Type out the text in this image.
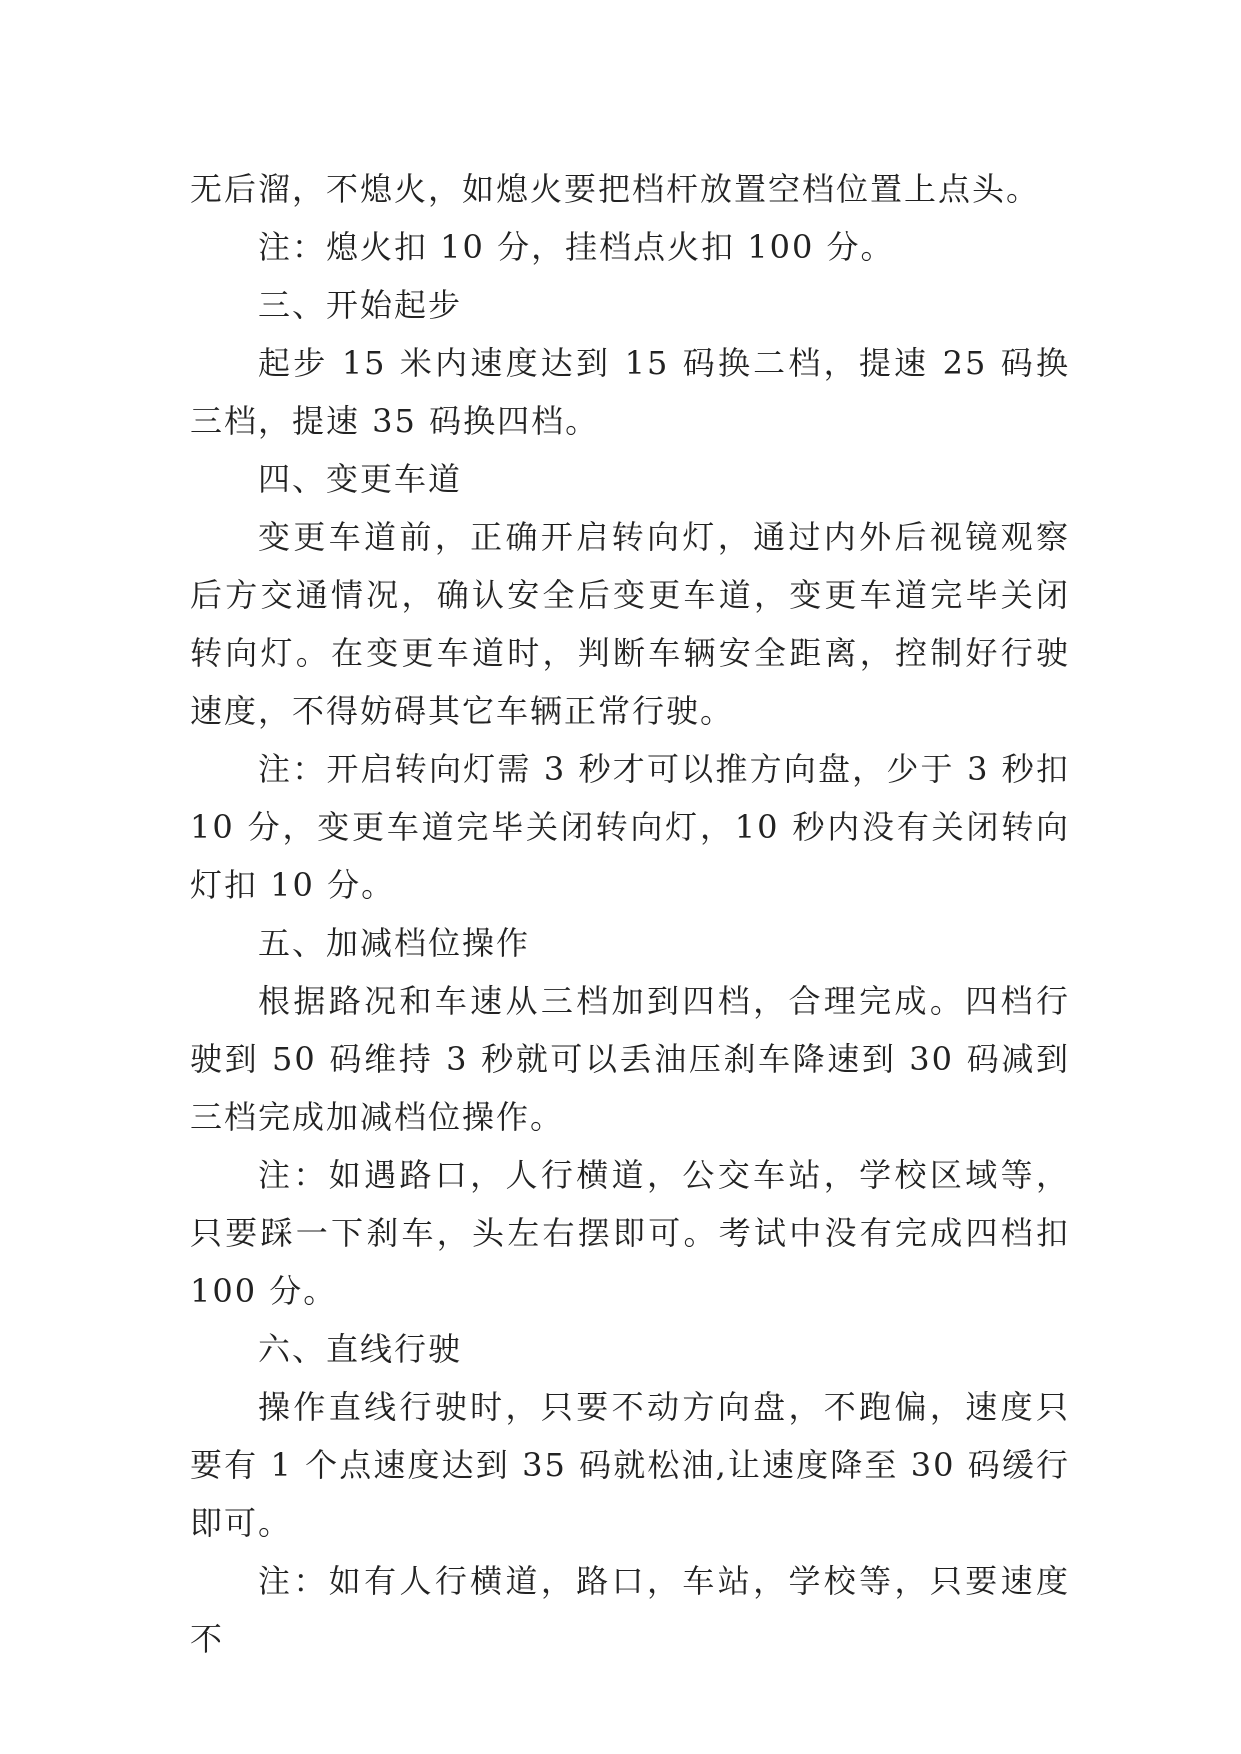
无后溜，不熄火，如熄火要把档杆放置空档位置上点头。

注：熄火扣 10 分，挂档点火扣 100 分。

三、开始起步

起步 15 米内速度达到 15 码换二档，提速 25 码换三档，提速 35 码换四档。

四、变更车道

变更车道前，正确开启转向灯，通过内外后视镜观察后方交通情况，确认安全后变更车道，变更车道完毕关闭转向灯。在变更车道时，判断车辆安全距离，控制好行驶速度，不得妨碍其它车辆正常行驶。

注：开启转向灯需 3 秒才可以推方向盘，少于 3 秒扣 10 分，变更车道完毕关闭转向灯，10 秒内没有关闭转向灯扣 10 分。

五、加减档位操作

根据路况和车速从三档加到四档，合理完成。四档行驶到 50 码维持 3 秒就可以丢油压刹车降速到 30 码减到三档完成加减档位操作。

注：如遇路口，人行横道，公交车站，学校区域等，只要踩一下刹车，头左右摆即可。考试中没有完成四档扣 100 分。

六、直线行驶

操作直线行驶时，只要不动方向盘，不跑偏，速度只要有 1 个点速度达到 35 码就松油,让速度降至 30 码缓行即可。

注：如有人行横道，路口，车站，学校等，只要速度不
